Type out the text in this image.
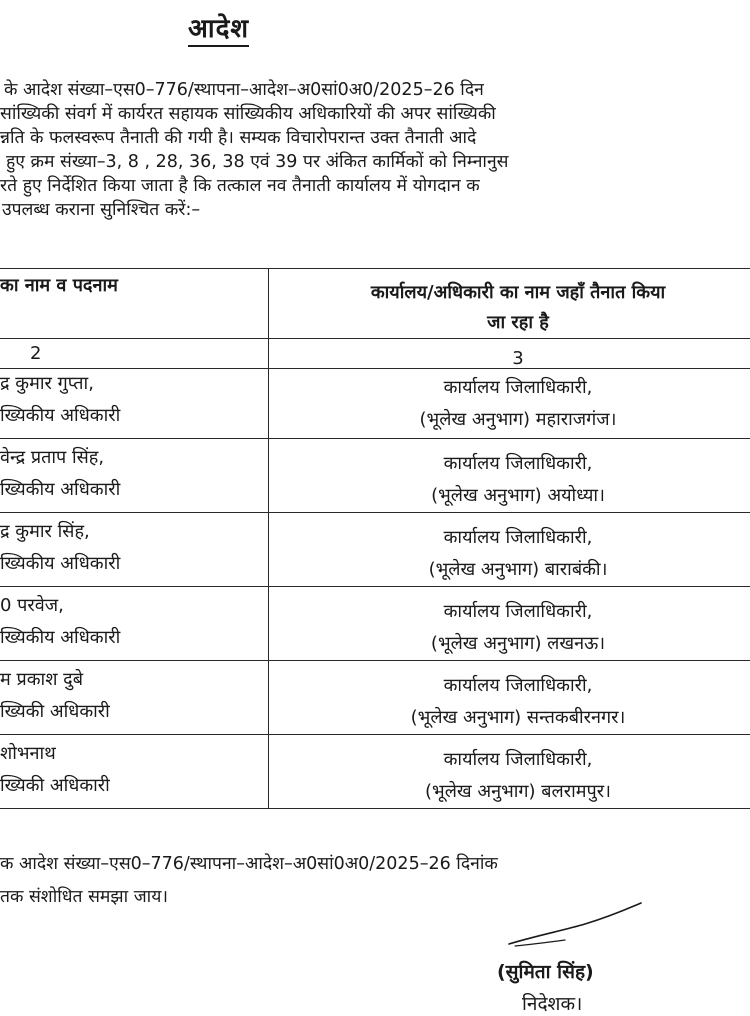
आदेश
के आदेश संख्या–एस0–776/स्थापना–आदेश–अ0सां0अ0/2025–26 दिन
सांख्यिकी संवर्ग में कार्यरत सहायक सांख्यिकीय अधिकारियों की अपर सांख्यिकी
न्नति के फलस्वरूप तैनाती की गयी है। सम्यक विचारोपरान्त उक्त तैनाती आदे
हुए क्रम संख्या–3, 8 , 28, 36, 38 एवं 39 पर अंकित कार्मिकों को निम्नानुस
रते हुए निर्देशित किया जाता है कि तत्काल नव तैनाती कार्यालय में योगदान क
उपलब्ध कराना सुनिश्चित करें:–
का नाम व पदनाम	कार्यालय/अधिकारी का नाम जहाँ तैनात किया
जा रहा है
2	3
द्र कुमार गुप्ता,
ख्यिकीय अधिकारी
कार्यालय जिलाधिकारी,
(भूलेख अनुभाग) महाराजगंज।
वेन्द्र प्रताप सिंह,
ख्यिकीय अधिकारी
कार्यालय जिलाधिकारी,
(भूलेख अनुभाग) अयोध्या।
द्र कुमार सिंह,
ख्यिकीय अधिकारी
कार्यालय जिलाधिकारी,
(भूलेख अनुभाग) बाराबंकी।
0 परवेज,
ख्यिकीय अधिकारी
कार्यालय जिलाधिकारी,
(भूलेख अनुभाग) लखनऊ।
म प्रकाश दुबे
ख्यिकी अधिकारी
कार्यालय जिलाधिकारी,
(भूलेख अनुभाग) सन्तकबीरनगर।
शोभनाथ
ख्यिकी अधिकारी
कार्यालय जिलाधिकारी,
(भूलेख अनुभाग) बलरामपुर।
क आदेश संख्या–एस0–776/स्थापना–आदेश–अ0सां0अ0/2025–26 दिनांक
तक संशोधित समझा जाय।
(सुमिता सिंह)
निदेशक।
